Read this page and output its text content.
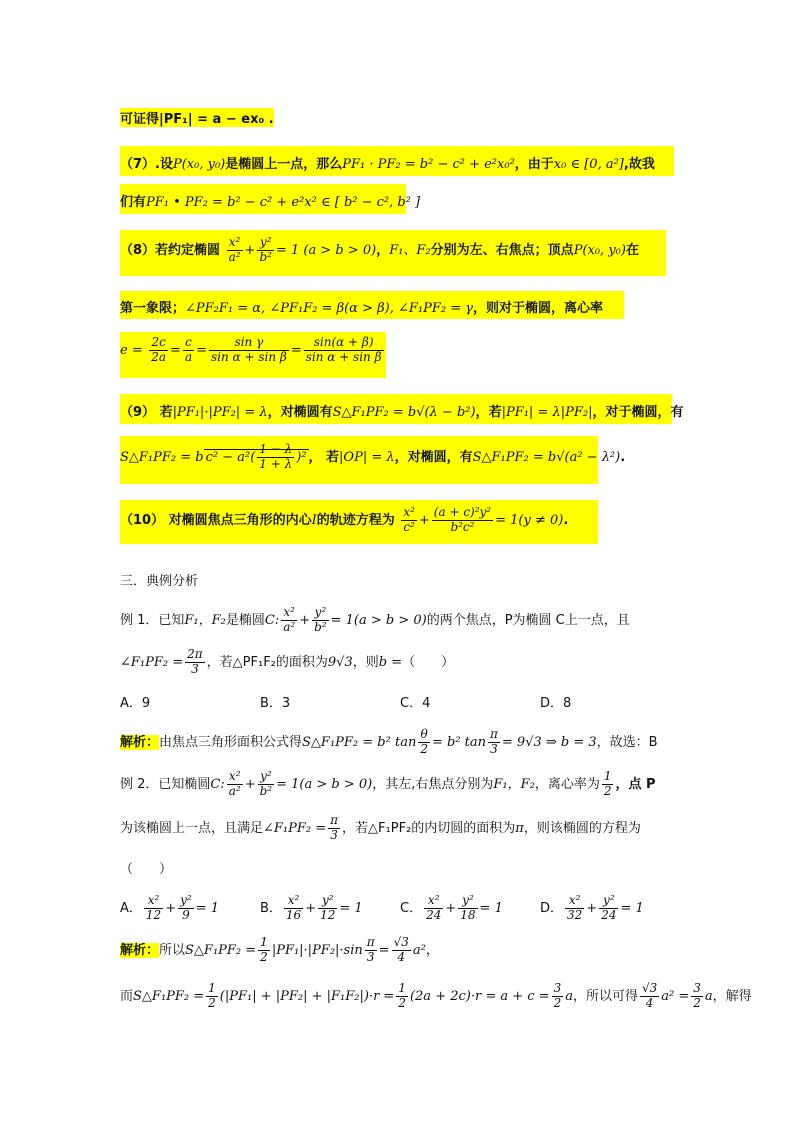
可证得|PF₁| = a − ex₀ .
（7）.设P(x₀, y₀)是椭圆上一点，那么PF₁ · PF₂ = b² − c² + e²x₀²，由于x₀ ∈ [0, a²],故我
们有PF₁ • PF₂ = b² − c² + e²x² ∈ [ b² − c², b² ]
（8）若约定椭圆 $\frac{\text{x²}}{\text{a²}} + \frac{\text{y²}}{\text{b²}} = 1$ (a > b > 0)，F₁、F₂分别为左、右焦点；顶点P(x₀, y₀)在
第一象限；∠PF₂F₁ = α, ∠PF₁F₂ = β(α > β), ∠F₁PF₂ = γ，则对于椭圆，离心率
$e = \frac{2c}{2a} = \frac{c}{a} = \frac{\text{sin γ}}{\text{sin α + sin β}} = \frac{\sin(\alpha + \beta)}{\text{sin α + sin β}}$
（9） 若|PF₁|·|PF₂| = λ，对椭圆有S△F₁PF₂ = b√(λ − b²)，若|PF₁| = λ|PF₂|，对于椭圆，有
S△F₁PF₂ = b $c^2 - a^2( \frac{1 - \lambda}{1 + \lambda} )^2$ ， 若|OP| = λ，对椭圆，有S△F₁PF₂ = b√(a² − λ²).
（10） 对椭圆焦点三角形的内心I的轨迹方程为 $\frac{\text{x²}}{\text{c²}} + \frac{\text{(a + c)²y²}}{\text{b²c²}} = 1(y \ne 0)$.
三．典例分析
例 1．已知F₁，F₂是椭圆C: $\frac{\text{x²}}{\text{a²}} + \frac{\text{y²}}{\text{b²}} = 1(a > b > 0)$的两个焦点，P为椭圆 C上一点，且
∠F₁PF₂ = $\frac{2\pi}{3}$ ，若△PF₁F₂的面积为9√3，则b =（　　）
A．9	B．3	C．4	D．8
解析：由焦点三角形面积公式得S△F₁PF₂ = b² $\tan \frac{\theta}{2} = b^2$ $\tan \frac{\pi}{3} = 9√3$ ⇒ b = 3，故选：B
例 2．已知椭圆C: $\frac{\text{x²}}{\text{a²}} + \frac{\text{y²}}{\text{b²}} = 1(a > b > 0)$，其左,右焦点分别为F₁，F₂，离心率为 $\frac{1}{2}$ ，点 P
为该椭圆上一点，且满足∠F₁PF₂ = $\frac{\pi}{3}$ ，若△F₁PF₂的内切圆的面积为π，则该椭圆的方程为
（　　）
A． $\frac{\text{x²}}{12} + \frac{\text{y²}}{9} = 1$	B． $\frac{\text{x²}}{16} + \frac{\text{y²}}{12} = 1$	C． $\frac{\text{x²}}{24} + \frac{\text{y²}}{18} = 1$	D． $\frac{\text{x²}}{32} + \frac{\text{y²}}{24} = 1$
解析：所以S△F₁PF₂ = $\frac{1}{2} |PF_1|\cdot|PF_2|\cdot\sin \frac{\pi}{3} = \frac{√3}{4} a^2$，
而S△F₁PF₂ = $\frac{1}{2} (|PF_1| + |PF_2| + |F_1F_2|)\cdot r = \frac{1}{2} (2a + 2c)\cdot r = a + c = \frac{3}{2}$ a，所以可得 $\frac{√3}{4} a^2 = \frac{3}{2}$ a，解得
